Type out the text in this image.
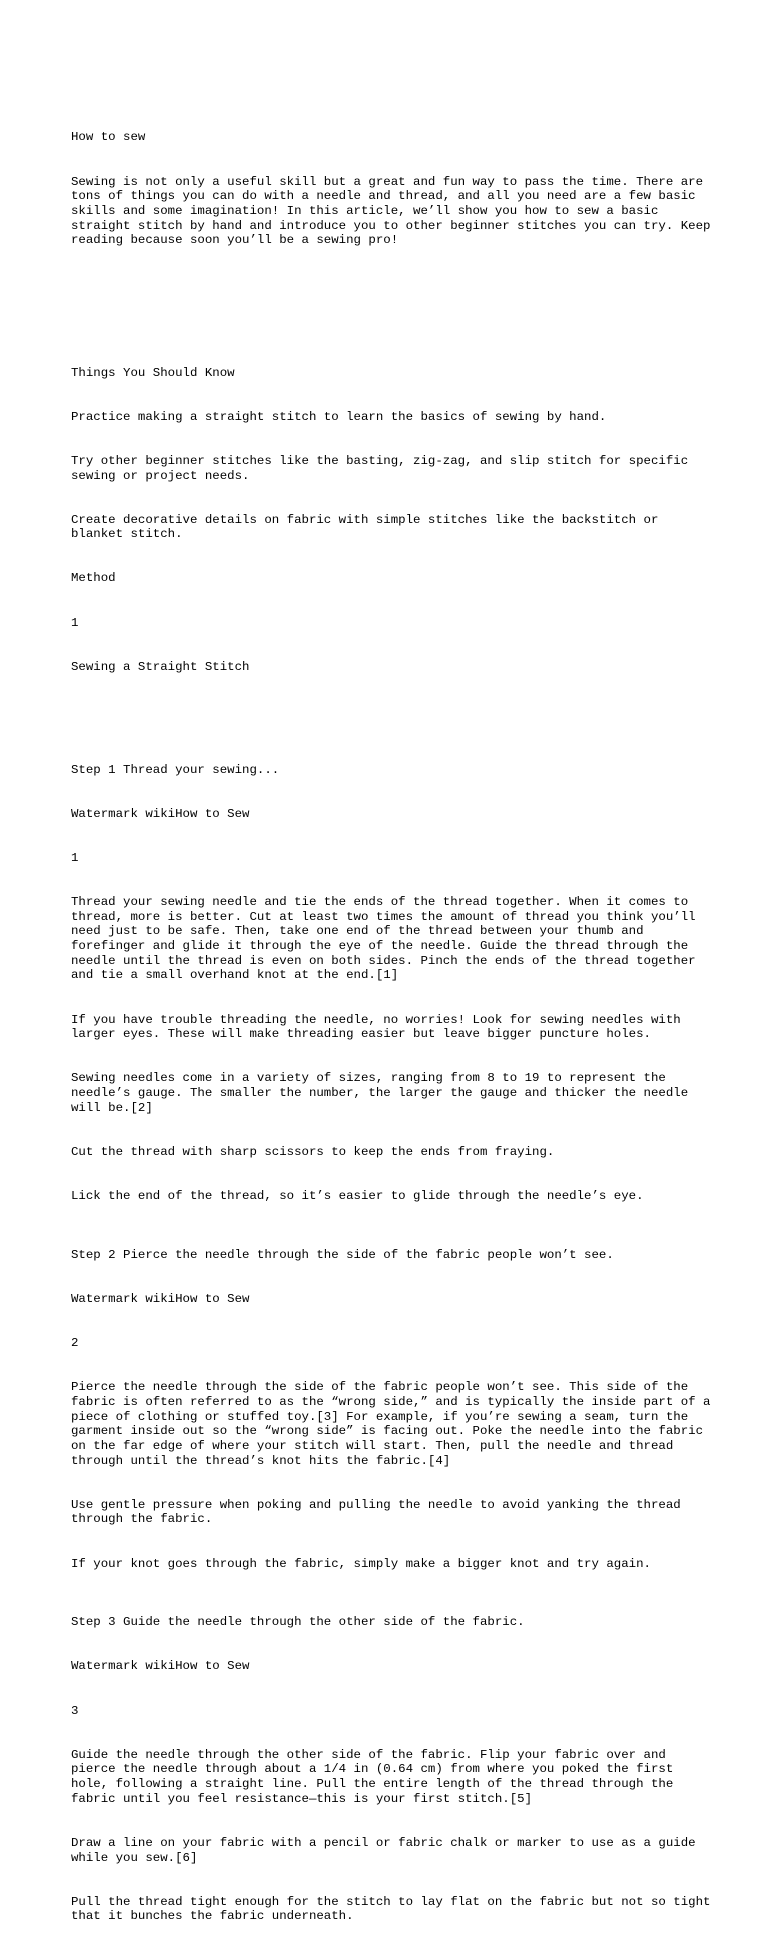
How to sew

Sewing is not only a useful skill but a great and fun way to pass the time. There are tons of things you can do with a needle and thread, and all you need are a few basic skills and some imagination! In this article, we’ll show you how to sew a basic straight stitch by hand and introduce you to other beginner stitches you can try. Keep reading because soon you’ll be a sewing pro!

Things You Should Know

Practice making a straight stitch to learn the basics of sewing by hand.

Try other beginner stitches like the basting, zig-zag, and slip stitch for specific sewing or project needs.

Create decorative details on fabric with simple stitches like the backstitch or blanket stitch.

Method

1

Sewing a Straight Stitch

Step 1 Thread your sewing...

Watermark wikiHow to Sew

1

Thread your sewing needle and tie the ends of the thread together. When it comes to thread, more is better. Cut at least two times the amount of thread you think you’ll need just to be safe. Then, take one end of the thread between your thumb and forefinger and glide it through the eye of the needle. Guide the thread through the needle until the thread is even on both sides. Pinch the ends of the thread together and tie a small overhand knot at the end.[1]

If you have trouble threading the needle, no worries! Look for sewing needles with larger eyes. These will make threading easier but leave bigger puncture holes.

Sewing needles come in a variety of sizes, ranging from 8 to 19 to represent the needle’s gauge. The smaller the number, the larger the gauge and thicker the needle will be.[2]

Cut the thread with sharp scissors to keep the ends from fraying.

Lick the end of the thread, so it’s easier to glide through the needle’s eye.

Step 2 Pierce the needle through the side of the fabric people won’t see.

Watermark wikiHow to Sew

2

Pierce the needle through the side of the fabric people won’t see. This side of the fabric is often referred to as the “wrong side,” and is typically the inside part of a piece of clothing or stuffed toy.[3] For example, if you’re sewing a seam, turn the garment inside out so the “wrong side” is facing out. Poke the needle into the fabric on the far edge of where your stitch will start. Then, pull the needle and thread through until the thread’s knot hits the fabric.[4]

Use gentle pressure when poking and pulling the needle to avoid yanking the thread through the fabric.

If your knot goes through the fabric, simply make a bigger knot and try again.

Step 3 Guide the needle through the other side of the fabric.

Watermark wikiHow to Sew

3

Guide the needle through the other side of the fabric. Flip your fabric over and pierce the needle through about a 1/4 in (0.64 cm) from where you poked the first hole, following a straight line. Pull the entire length of the thread through the fabric until you feel resistance—this is your first stitch.[5]

Draw a line on your fabric with a pencil or fabric chalk or marker to use as a guide while you sew.[6]

Pull the thread tight enough for the stitch to lay flat on the fabric but not so tight that it bunches the fabric underneath.
